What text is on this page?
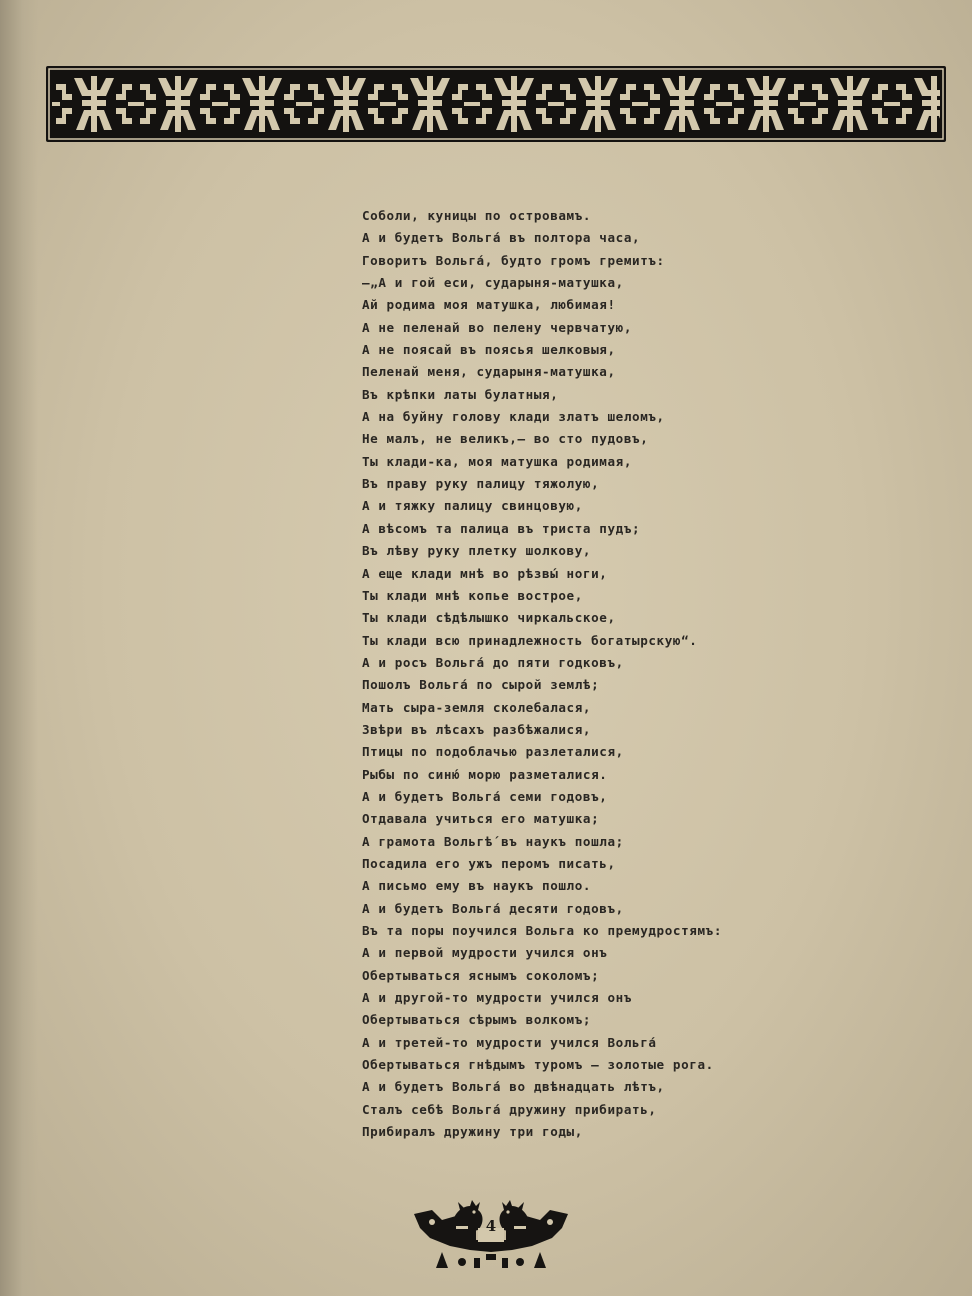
Соболи, куницы по островамъ.
А и будетъ Вольга́ въ полтора часа,
Говоритъ Вольга́, будто громъ гремитъ:
—„А и гой еси, сударыня-матушка,
Ай родима моя матушка, любимая!
А не пеленай во пелену червчатую,
А не поясай въ поясья шелковыя,
Пеленай меня, сударыня-матушка,
Въ крѣпки латы булатныя,
А на буйну голову клади златъ шеломъ,
Не малъ, не великъ,— во сто пудовъ,
Ты клади-ка, моя матушка родимая,
Въ праву руку палицу тяжолую,
А и тяжку палицу свинцовую,
А вѣсомъ та палица въ триста пудъ;
Въ лѣву руку плетку шолкову,
А еще клади мнѣ во рѣзвы́ ноги,
Ты клади мнѣ копье вострое,
Ты клади сѣдѣлышко чиркальское,
Ты клади всю принадлежность богатырскую“.
А и росъ Вольга́ до пяти годковъ,
Пошолъ Вольга́ по сырой землѣ;
Мать сыра-земля сколебалася,
Звѣри въ лѣсахъ разбѣжалися,
Птицы по подоблачью разлеталися,
Рыбы по синю́ морю разметалися.
А и будетъ Вольга́ семи годовъ,
Отдавала учиться его матушка;
А грамота Вольгѣ́ въ наукъ пошла;
Посадила его ужъ перомъ писать,
А письмо ему въ наукъ пошло.
А и будетъ Вольга́ десяти годовъ,
Въ та поры поучился Вольга ко премудростямъ:
А и первой мудрости учился онъ
Обертываться яснымъ соколомъ;
А и другой-то мудрости учился онъ
Обертываться сѣрымъ волкомъ;
А и третей-то мудрости учился Вольга́
Обертываться гнѣдымъ туромъ — золотые рога.
А и будетъ Вольга́ во двѣнадцать лѣтъ,
Сталъ себѣ Вольга́ дружину прибирать,
Прибиралъ дружину три годы,
4
